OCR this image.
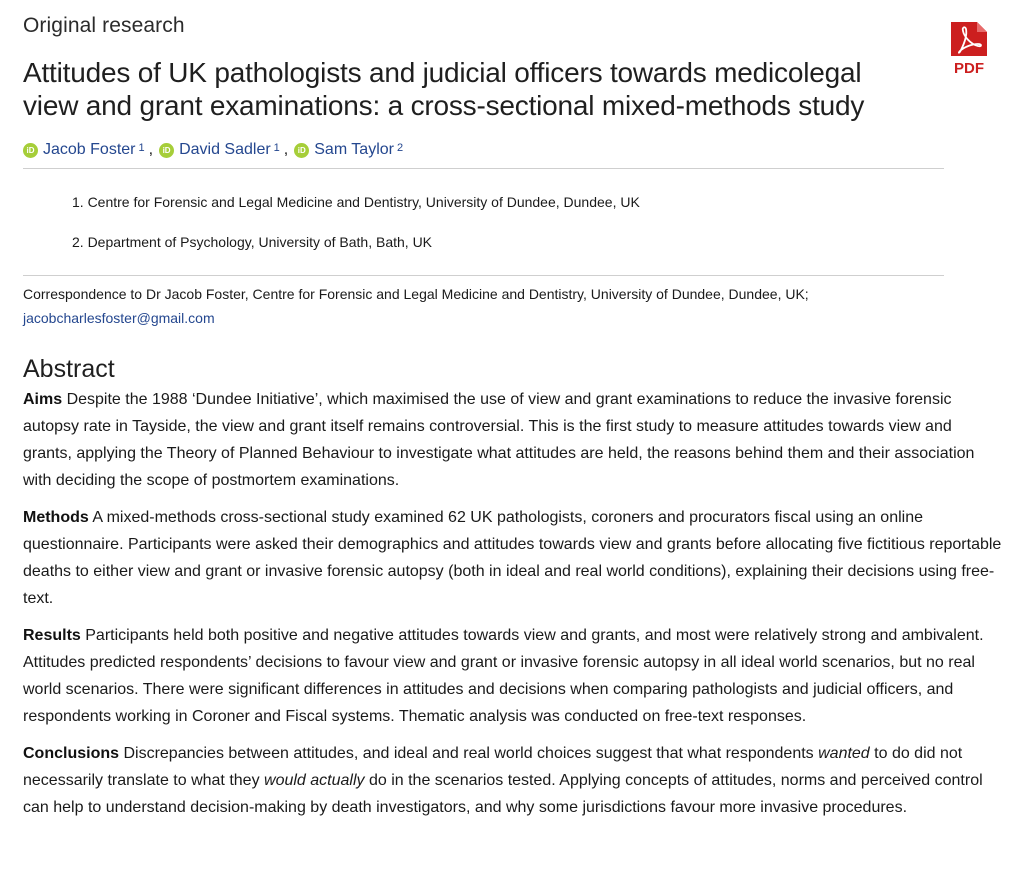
Original research
PDF
Attitudes of UK pathologists and judicial officers towards medicolegal view and grant examinations: a cross-sectional mixed-methods study
iD Jacob Foster $^1$ ,	iD David Sadler $^1$ ,	iD Sam Taylor $^2$
1. Centre for Forensic and Legal Medicine and Dentistry, University of Dundee, Dundee, UK
2. Department of Psychology, University of Bath, Bath, UK
Correspondence to Dr Jacob Foster, Centre for Forensic and Legal Medicine and Dentistry, University of Dundee, Dundee, UK;
jacobcharlesfoster@gmail.com
Abstract

Aims Despite the 1988 ‘Dundee Initiative’, which maximised the use of view and grant examinations to reduce the invasive forensic autopsy rate in Tayside, the view and grant itself remains controversial. This is the first study to measure attitudes towards view and grants, applying the Theory of Planned Behaviour to investigate what attitudes are held, the reasons behind them and their association with deciding the scope of postmortem examinations.

Methods A mixed-methods cross-sectional study examined 62 UK pathologists, coroners and procurators fiscal using an online questionnaire. Participants were asked their demographics and attitudes towards view and grants before allocating five fictitious reportable deaths to either view and grant or invasive forensic autopsy (both in ideal and real world conditions), explaining their decisions using free-text.

Results Participants held both positive and negative attitudes towards view and grants, and most were relatively strong and ambivalent. Attitudes predicted respondents’ decisions to favour view and grant or invasive forensic autopsy in all ideal world scenarios, but no real world scenarios. There were significant differences in attitudes and decisions when comparing pathologists and judicial officers, and respondents working in Coroner and Fiscal systems. Thematic analysis was conducted on free-text responses.

Conclusions Discrepancies between attitudes, and ideal and real world choices suggest that what respondents wanted to do did not necessarily translate to what they would actually do in the scenarios tested. Applying concepts of attitudes, norms and perceived control can help to understand decision-making by death investigators, and why some jurisdictions favour more invasive procedures.
